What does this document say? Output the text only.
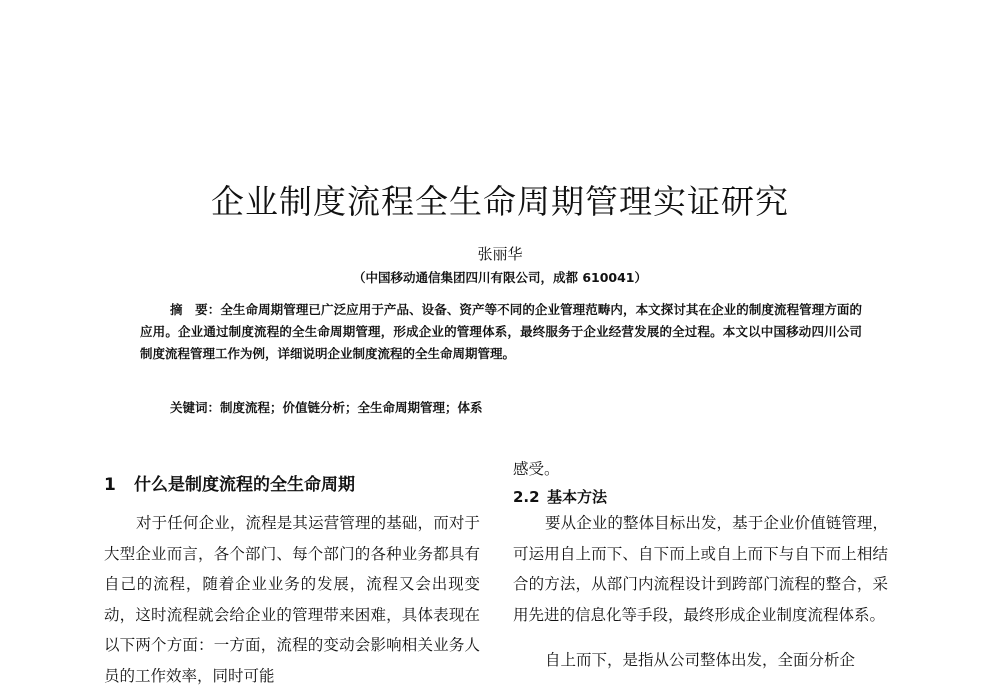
企业制度流程全生命周期管理实证研究
张丽华
（中国移动通信集团四川有限公司，成都 610041）

摘　要：全生命周期管理已广泛应用于产品、设备、资产等不同的企业管理范畴内，本文探讨其在企业的制度流程管理方面的应用。企业通过制度流程的全生命周期管理，形成企业的管理体系，最终服务于企业经营发展的全过程。本文以中国移动四川公司制度流程管理工作为例，详细说明企业制度流程的全生命周期管理。

关键词：制度流程；价值链分析；全生命周期管理；体系
1 什么是制度流程的全生命周期

对于任何企业，流程是其运营管理的基础，而对于大型企业而言，各个部门、每个部门的各种业务都具有自己的流程，随着企业业务的发展，流程又会出现变动，这时流程就会给企业的管理带来困难，具体表现在以下两个方面：一方面，流程的变动会影响相关业务人员的工作效率，同时可能

感受。

2.2 基本方法

要从企业的整体目标出发，基于企业价值链管理，可运用自上而下、自下而上或自上而下与自下而上相结合的方法，从部门内流程设计到跨部门流程的整合，采用先进的信息化等手段，最终形成企业制度流程体系。

自上而下，是指从公司整体出发，全面分析企
